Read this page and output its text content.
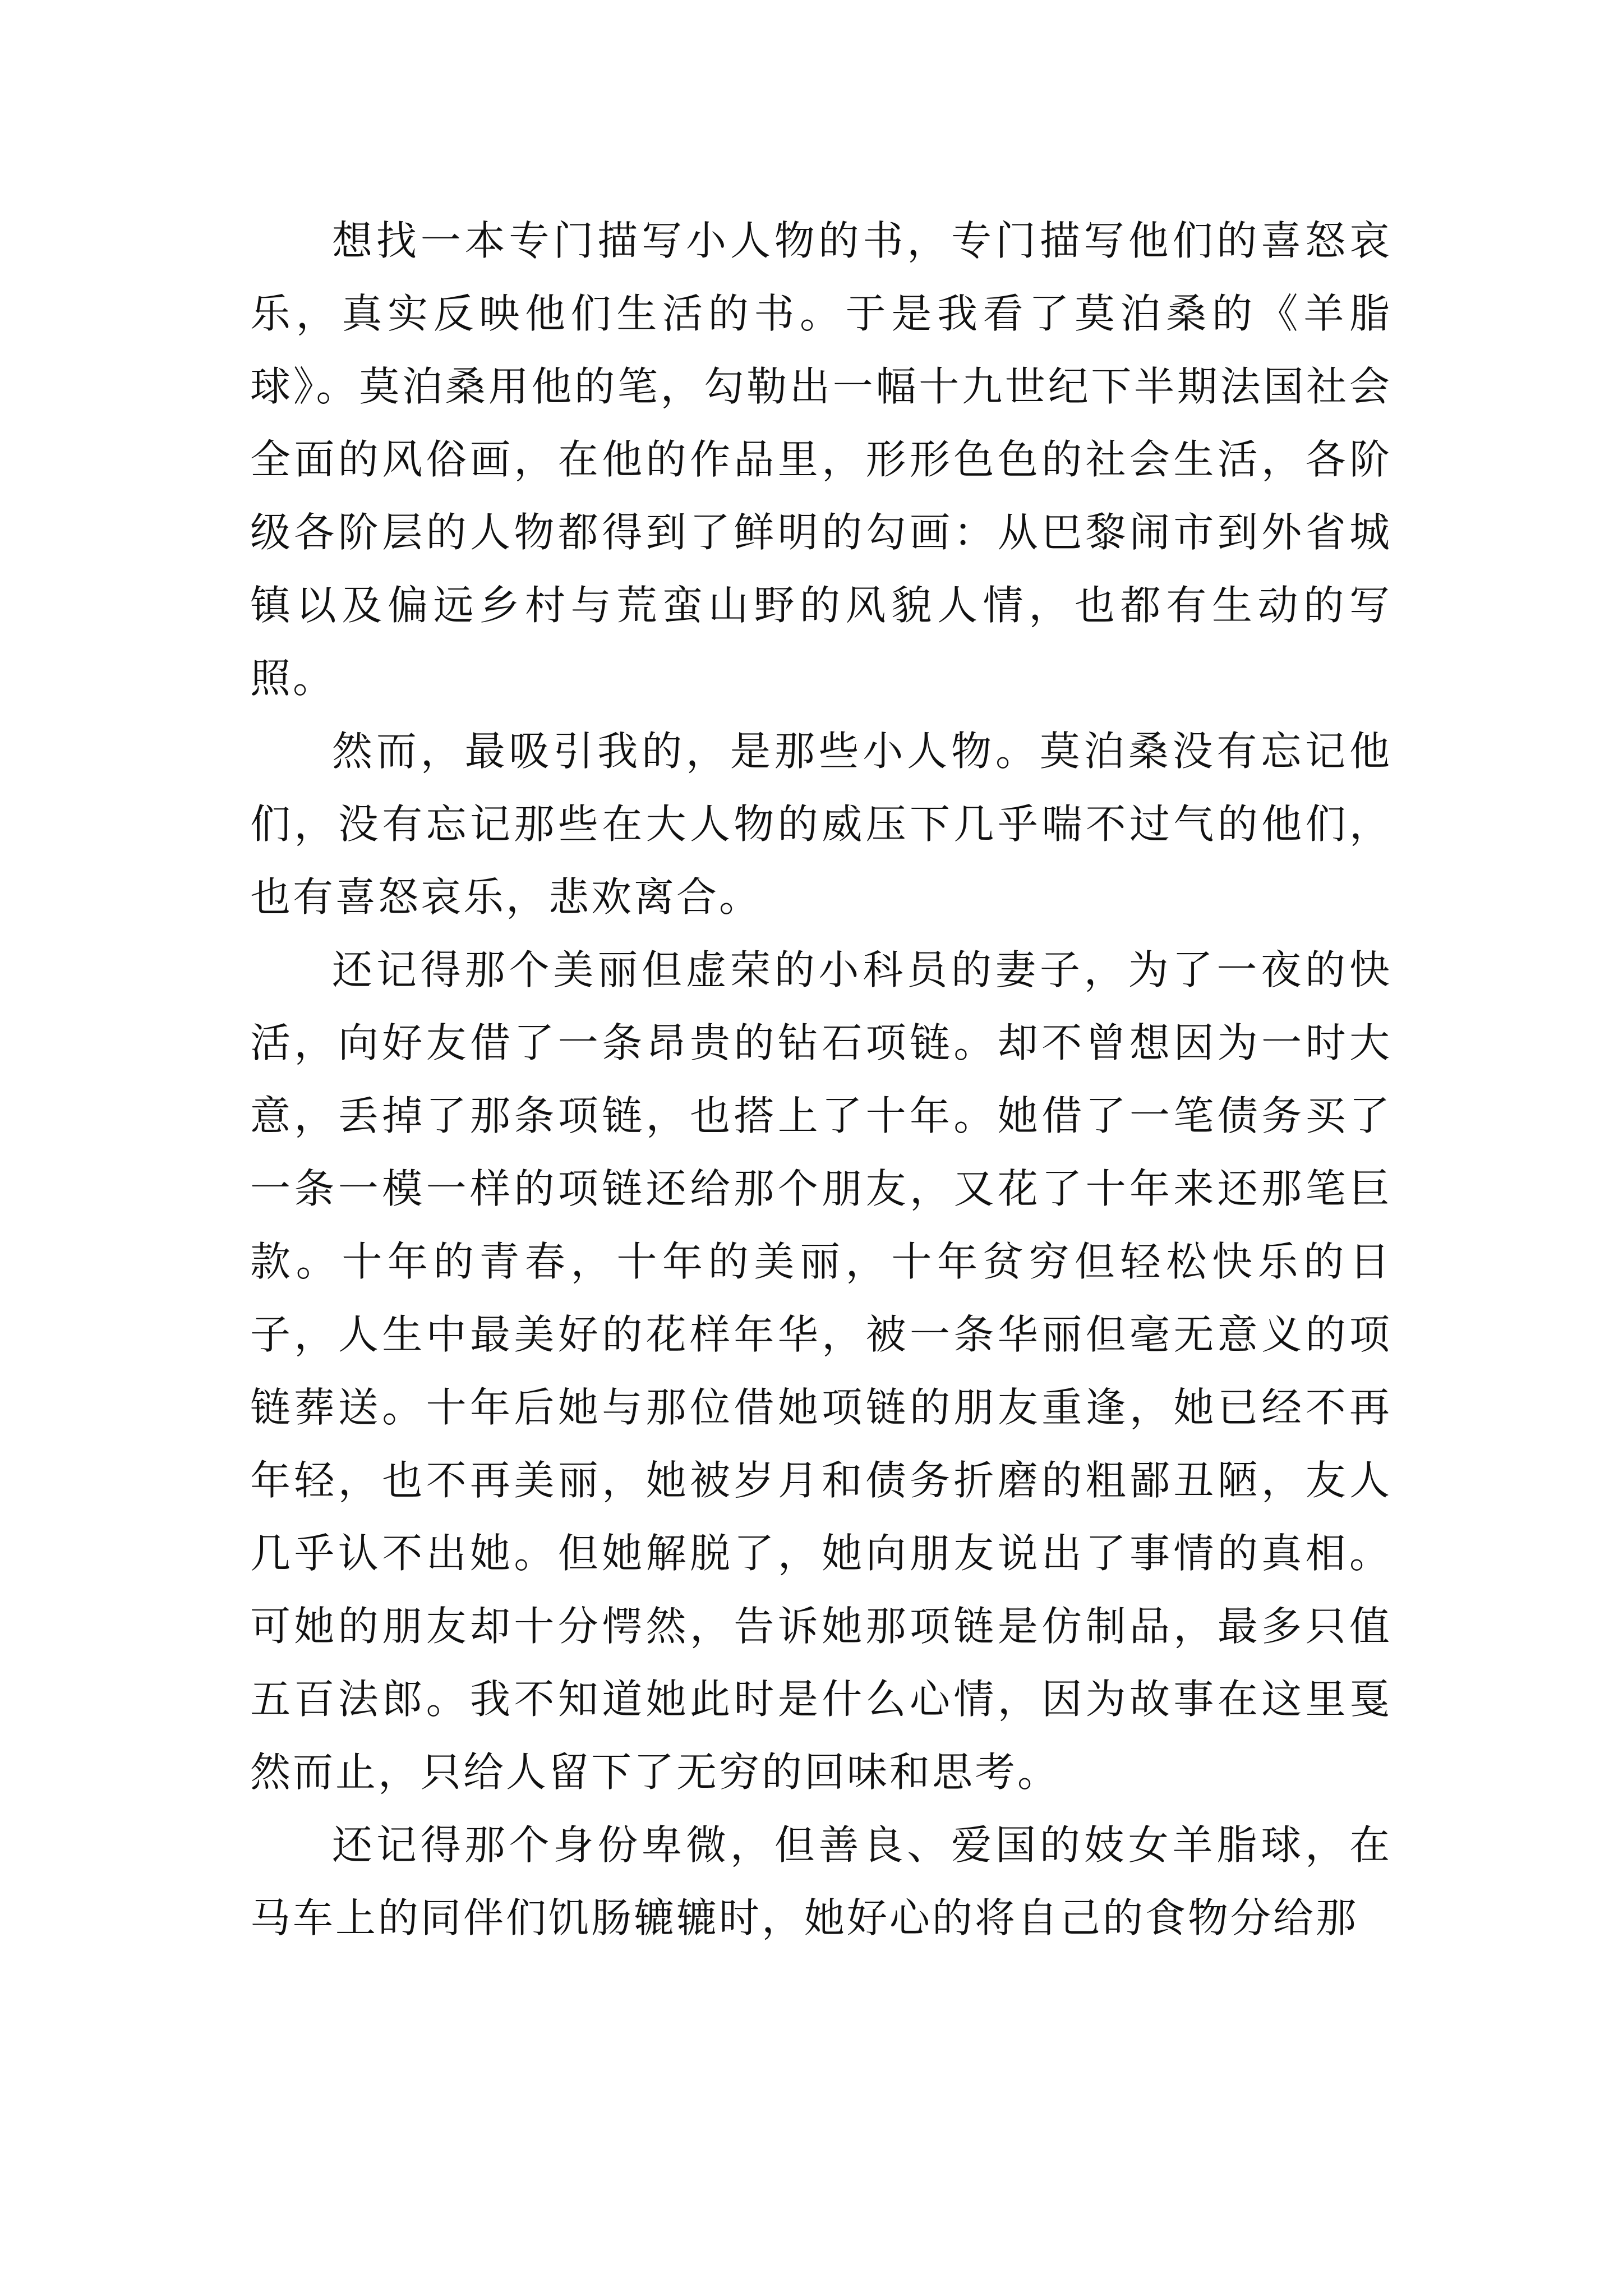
想找一本专门描写小人物的书，专门描写他们的喜怒哀乐，真实反映他们生活的书。于是我看了莫泊桑的《羊脂球》。莫泊桑用他的笔，勾勒出一幅十九世纪下半期法国社会全面的风俗画，在他的作品里，形形色色的社会生活，各阶级各阶层的人物都得到了鲜明的勾画：从巴黎闹市到外省城镇以及偏远乡村与荒蛮山野的风貌人情，也都有生动的写照。

然而，最吸引我的，是那些小人物。莫泊桑没有忘记他们，没有忘记那些在大人物的威压下几乎喘不过气的他们，也有喜怒哀乐，悲欢离合。

还记得那个美丽但虚荣的小科员的妻子，为了一夜的快活，向好友借了一条昂贵的钻石项链。却不曾想因为一时大意，丢掉了那条项链，也搭上了十年。她借了一笔债务买了一条一模一样的项链还给那个朋友，又花了十年来还那笔巨款。十年的青春，十年的美丽，十年贫穷但轻松快乐的日子，人生中最美好的花样年华，被一条华丽但毫无意义的项链葬送。十年后她与那位借她项链的朋友重逢，她已经不再年轻，也不再美丽，她被岁月和债务折磨的粗鄙丑陋，友人几乎认不出她。但她解脱了，她向朋友说出了事情的真相。可她的朋友却十分愕然，告诉她那项链是仿制品，最多只值五百法郎。我不知道她此时是什么心情，因为故事在这里戛然而止，只给人留下了无穷的回味和思考。

还记得那个身份卑微，但善良、爱国的妓女羊脂球，在马车上的同伴们饥肠辘辘时，她好心的将自己的食物分给那
